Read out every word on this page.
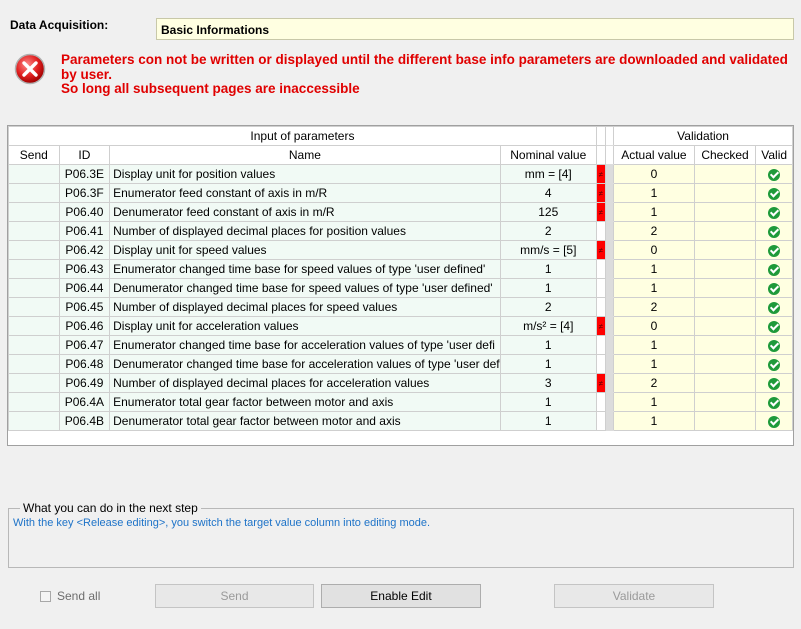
Data Acquisition:	Basic Informations
Parameters con not be written or displayed until the different base info parameters are downloaded and validated by user.
So long all subsequent pages are inaccessible
Input of parameters						Validation		
Send	ID	Name	Nominal value			Actual value	Checked	Valid
	P06.3E	Display unit for position values	mm = [4]	≠		0		
	P06.3F	Enumerator feed constant of axis in m/R	4	≠		1		
	P06.40	Denumerator feed constant of axis in m/R	125	≠		1		
	P06.41	Number of displayed decimal places for position values	2			2		
	P06.42	Display unit for speed values	mm/s = [5]	≠		0		
	P06.43	Enumerator changed time base for speed values of type 'user defined'	1			1		
	P06.44	Denumerator changed time base for speed values of type 'user defined'	1			1		
	P06.45	Number of displayed decimal places for speed values	2			2		
	P06.46	Display unit for acceleration values	m/s² = [4]	≠		0		
	P06.47	Enumerator changed time base for acceleration values of type 'user defi	1			1		
	P06.48	Denumerator changed time base for acceleration values of type 'user def	1			1		
	P06.49	Number of displayed decimal places for acceleration values	3	≠		2		
	P06.4A	Enumerator total gear factor between motor and axis	1			1		
	P06.4B	Denumerator total gear factor between motor and axis	1			1		
What you can do in the next step
With the key <Release editing>, you switch the target value column into editing mode.
Send all	Send	Enable Edit	Validate
